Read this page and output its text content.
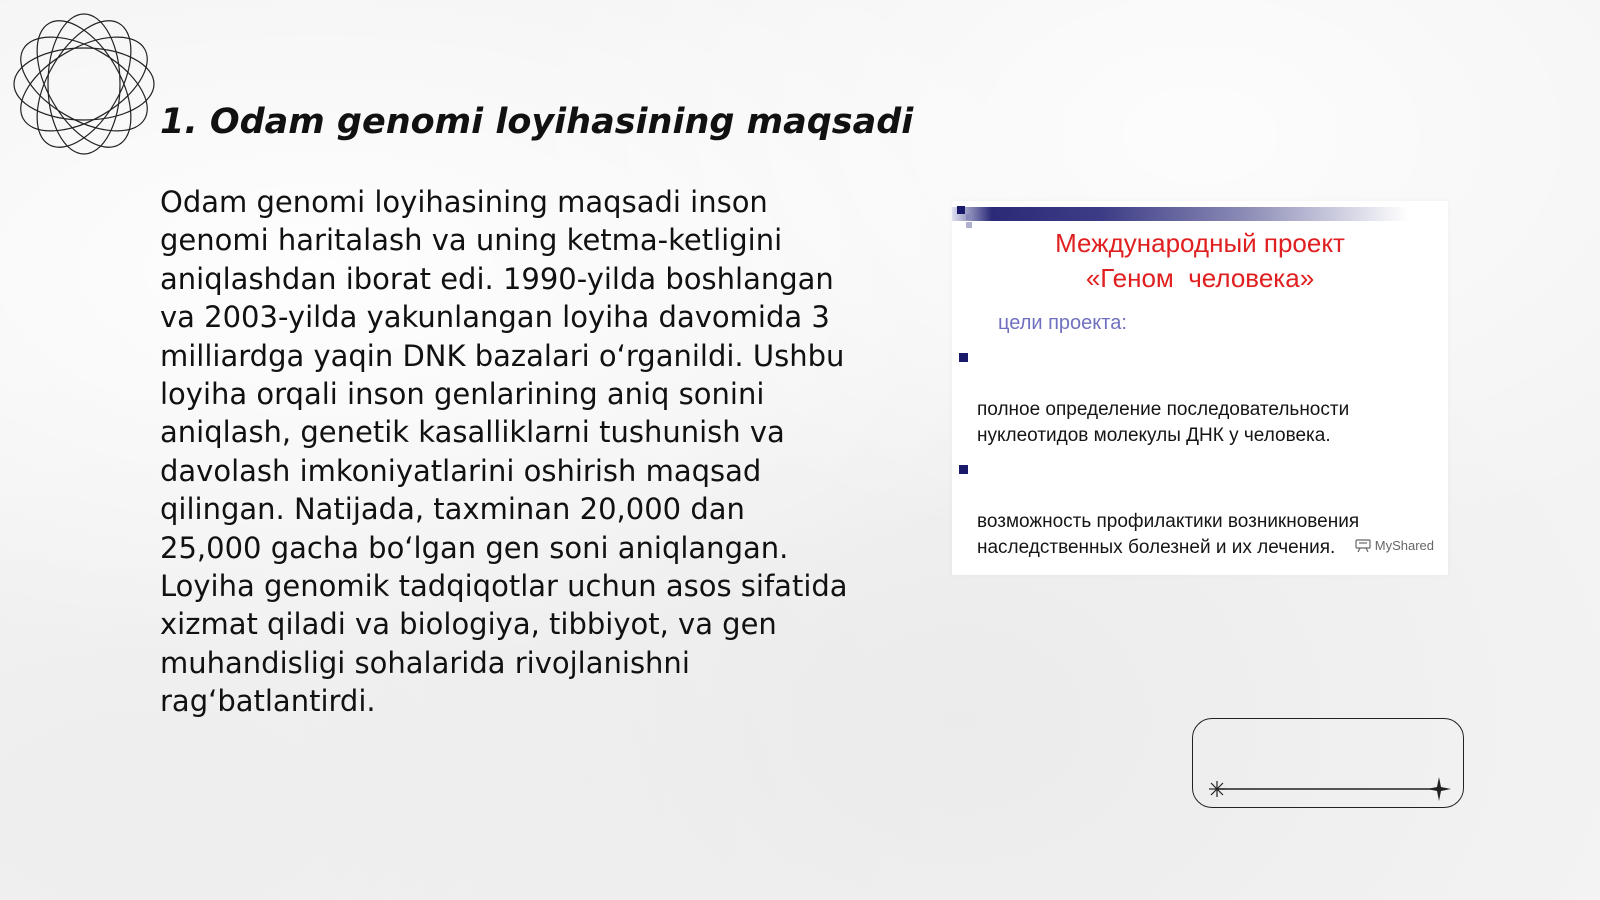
1. Odam genomi loyihasining maqsadi

Odam genomi loyihasining maqsadi inson genomi haritalash va uning ketma-ketligini aniqlashdan iborat edi. 1990-yilda boshlangan va 2003-yilda yakunlangan loyiha davomida 3 milliardga yaqin DNK bazalari o‘rganildi. Ushbu loyiha orqali inson genlarining aniq sonini aniqlash, genetik kasalliklarni tushunish va davolash imkoniyatlarini oshirish maqsad qilingan. Natijada, taxminan 20,000 dan 25,000 gacha bo‘lgan gen soni aniqlangan. Loyiha genomik tadqiqotlar uchun asos sifatida xizmat qiladi va biologiya, tibbiyot, va gen muhandisligi sohalarida rivojlanishni rag‘batlantirdi.

Международный проект
«Геном  человека»
цели проекта:

полное определение последовательности
нуклеотидов молекулы ДНК у человека.

возможность профилактики возникновения
наследственных болезней и их лечения.	MyShared
